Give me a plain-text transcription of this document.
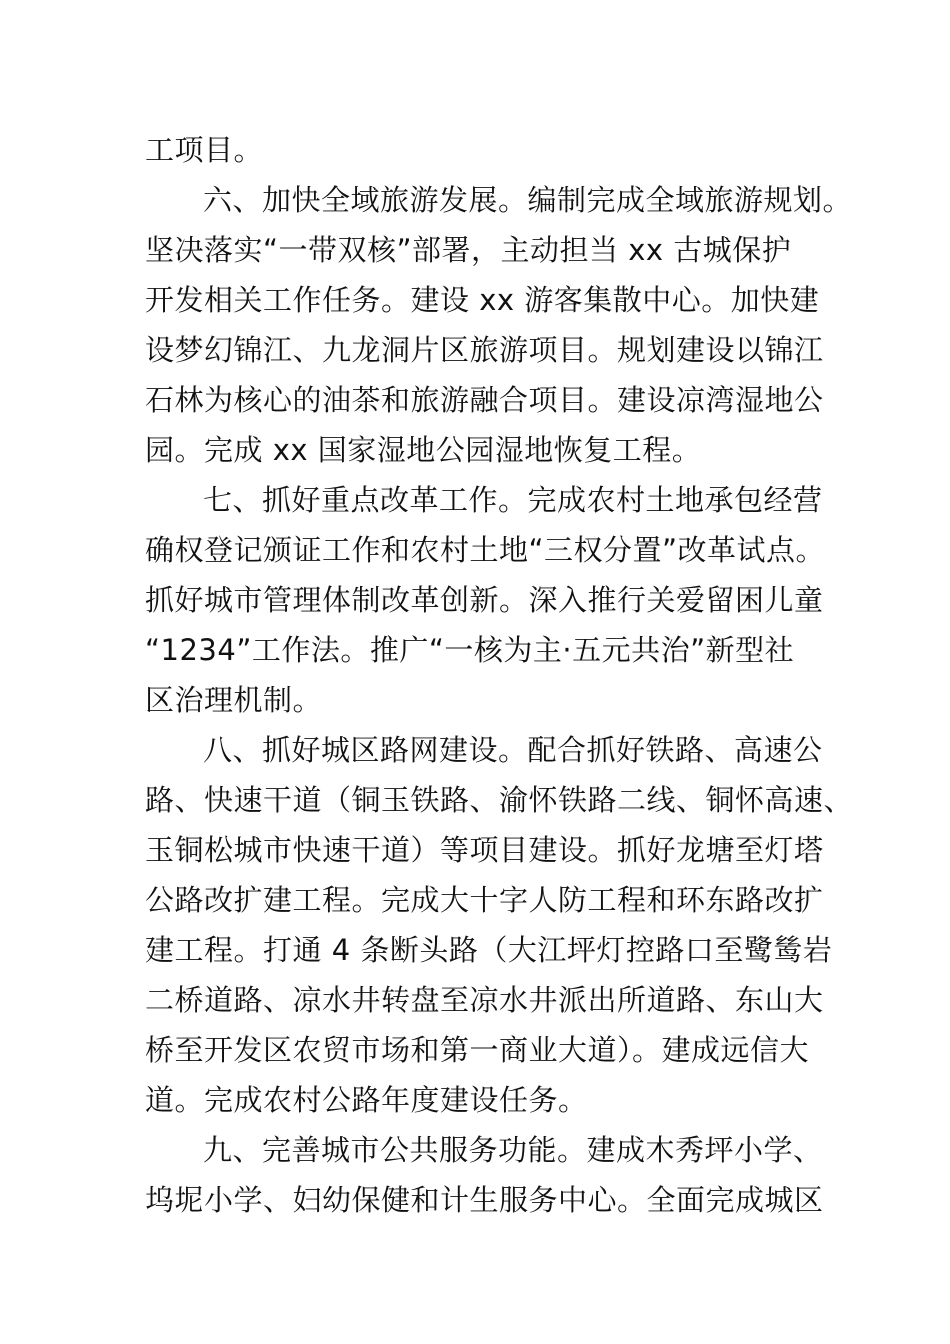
工项目。
六、加快全域旅游发展。编制完成全域旅游规划。
坚决落实“一带双核”部署，主动担当 xx 古城保护
开发相关工作任务。建设 xx 游客集散中心。加快建
设梦幻锦江、九龙洞片区旅游项目。规划建设以锦江
石林为核心的油茶和旅游融合项目。建设凉湾湿地公
园。完成 xx 国家湿地公园湿地恢复工程。
七、抓好重点改革工作。完成农村土地承包经营
确权登记颁证工作和农村土地“三权分置”改革试点。
抓好城市管理体制改革创新。深入推行关爱留困儿童
“1234”工作法。推广“一核为主·五元共治”新型社
区治理机制。
八、抓好城区路网建设。配合抓好铁路、高速公
路、快速干道（铜玉铁路、渝怀铁路二线、铜怀高速、
玉铜松城市快速干道）等项目建设。抓好龙塘至灯塔
公路改扩建工程。完成大十字人防工程和环东路改扩
建工程。打通 4 条断头路（大江坪灯控路口至鹭鸶岩
二桥道路、凉水井转盘至凉水井派出所道路、东山大
桥至开发区农贸市场和第一商业大道）。建成远信大
道。完成农村公路年度建设任务。
九、完善城市公共服务功能。建成木秀坪小学、
坞坭小学、妇幼保健和计生服务中心。全面完成城区
